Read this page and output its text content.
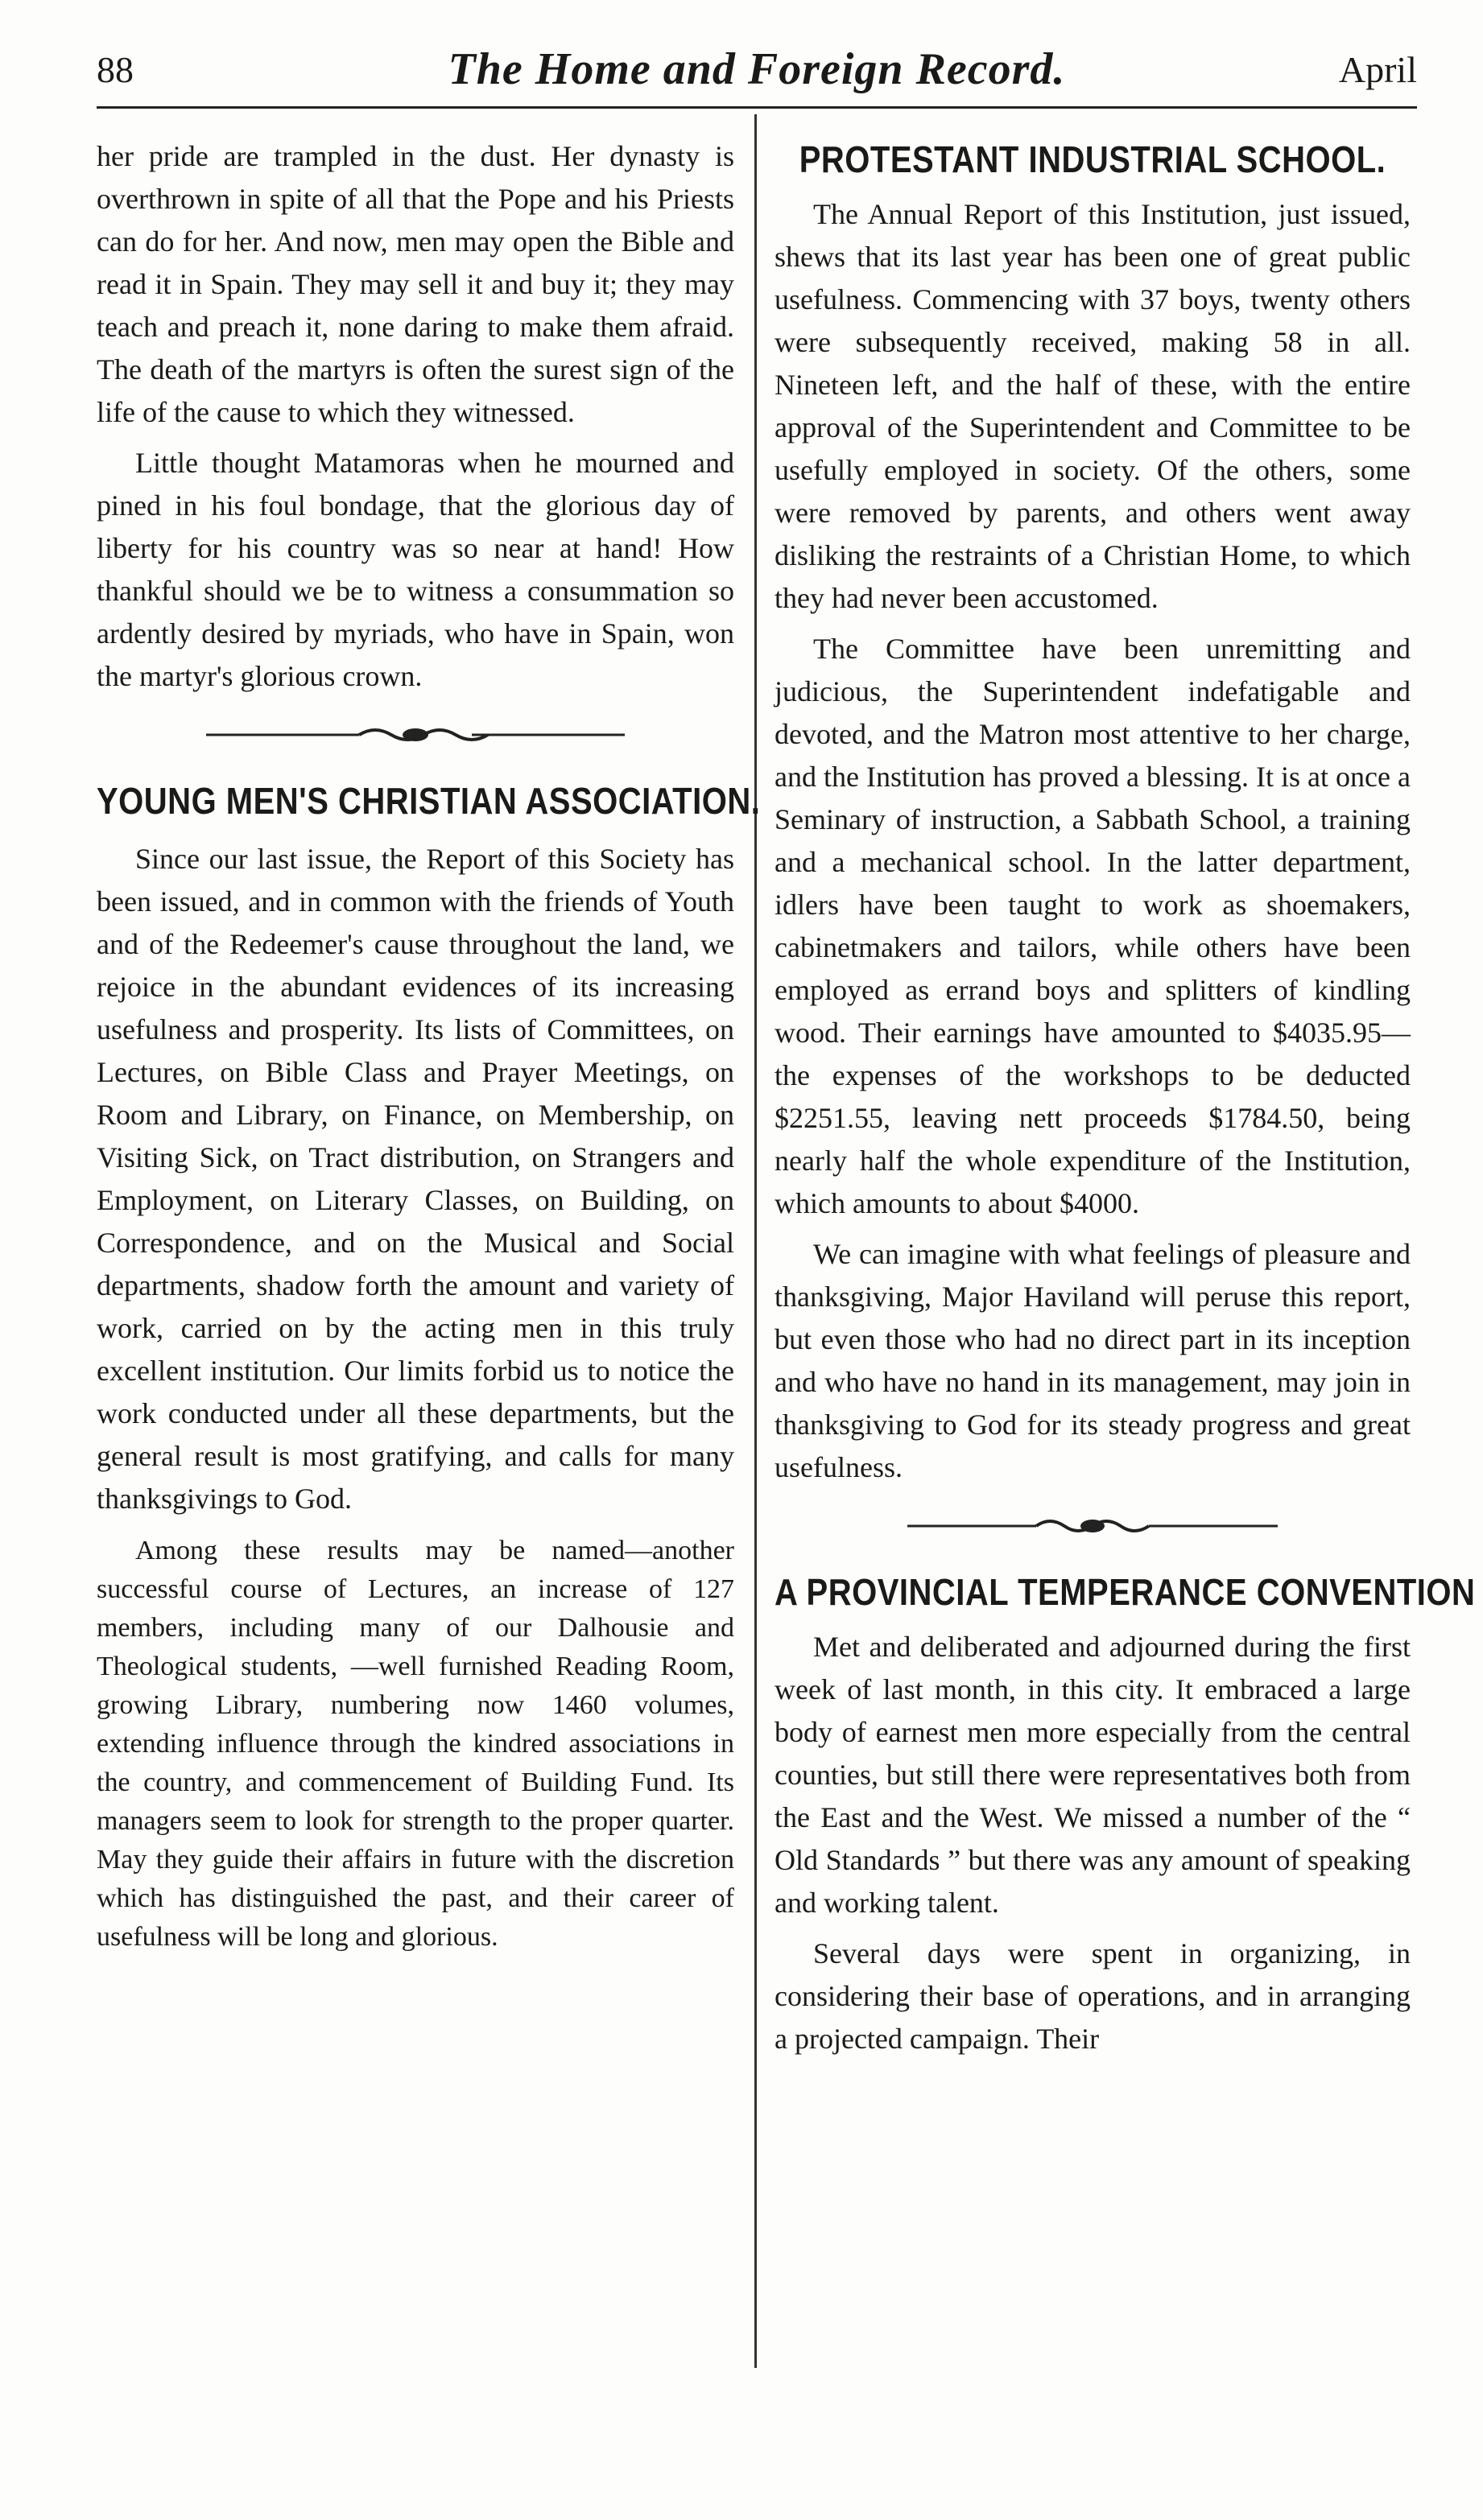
88	The Home and Foreign Record.	April

her pride are trampled in the dust. Her dynasty is overthrown in spite of all that the Pope and his Priests can do for her. And now, men may open the Bible and read it in Spain. They may sell it and buy it; they may teach and preach it, none daring to make them afraid. The death of the martyrs is often the surest sign of the life of the cause to which they witnessed.

Little thought Matamoras when he mourned and pined in his foul bondage, that the glorious day of liberty for his country was so near at hand! How thankful should we be to witness a consummation so ardently desired by myriads, who have in Spain, won the martyr's glorious crown.

YOUNG MEN'S CHRISTIAN ASSOCIATION.

Since our last issue, the Report of this Society has been issued, and in common with the friends of Youth and of the Redeemer's cause throughout the land, we rejoice in the abundant evidences of its increasing usefulness and prosperity. Its lists of Committees, on Lectures, on Bible Class and Prayer Meetings, on Room and Library, on Finance, on Membership, on Visiting Sick, on Tract distribution, on Strangers and Employment, on Literary Classes, on Building, on Correspondence, and on the Musical and Social departments, shadow forth the amount and variety of work, carried on by the acting men in this truly excellent institution. Our limits forbid us to notice the work conducted under all these departments, but the general result is most gratifying, and calls for many thanksgivings to God.

Among these results may be named—another successful course of Lectures, an increase of 127 members, including many of our Dalhousie and Theological students, —well furnished Reading Room, growing Library, numbering now 1460 volumes, extending influence through the kindred associations in the country, and commencement of Building Fund. Its managers seem to look for strength to the proper quarter. May they guide their affairs in future with the discretion which has distinguished the past, and their career of usefulness will be long and glorious.

PROTESTANT INDUSTRIAL SCHOOL.

The Annual Report of this Institution, just issued, shews that its last year has been one of great public usefulness. Commencing with 37 boys, twenty others were subsequently received, making 58 in all. Nineteen left, and the half of these, with the entire approval of the Superintendent and Committee to be usefully employed in society. Of the others, some were removed by parents, and others went away disliking the restraints of a Christian Home, to which they had never been accustomed.

The Committee have been unremitting and judicious, the Superintendent indefatigable and devoted, and the Matron most attentive to her charge, and the Institution has proved a blessing. It is at once a Seminary of instruction, a Sabbath School, a training and a mechanical school. In the latter department, idlers have been taught to work as shoemakers, cabinetmakers and tailors, while others have been employed as errand boys and splitters of kindling wood. Their earnings have amounted to $4035.95—the expenses of the workshops to be deducted $2251.55, leaving nett proceeds $1784.50, being nearly half the whole expenditure of the Institution, which amounts to about $4000.

We can imagine with what feelings of pleasure and thanksgiving, Major Haviland will peruse this report, but even those who had no direct part in its inception and who have no hand in its management, may join in thanksgiving to God for its steady progress and great usefulness.

A PROVINCIAL TEMPERANCE CONVENTION

Met and deliberated and adjourned during the first week of last month, in this city. It embraced a large body of earnest men more especially from the central counties, but still there were representatives both from the East and the West. We missed a number of the “ Old Standards ” but there was any amount of speaking and working talent.

Several days were spent in organizing, in considering their base of operations, and in arranging a projected campaign. Their
